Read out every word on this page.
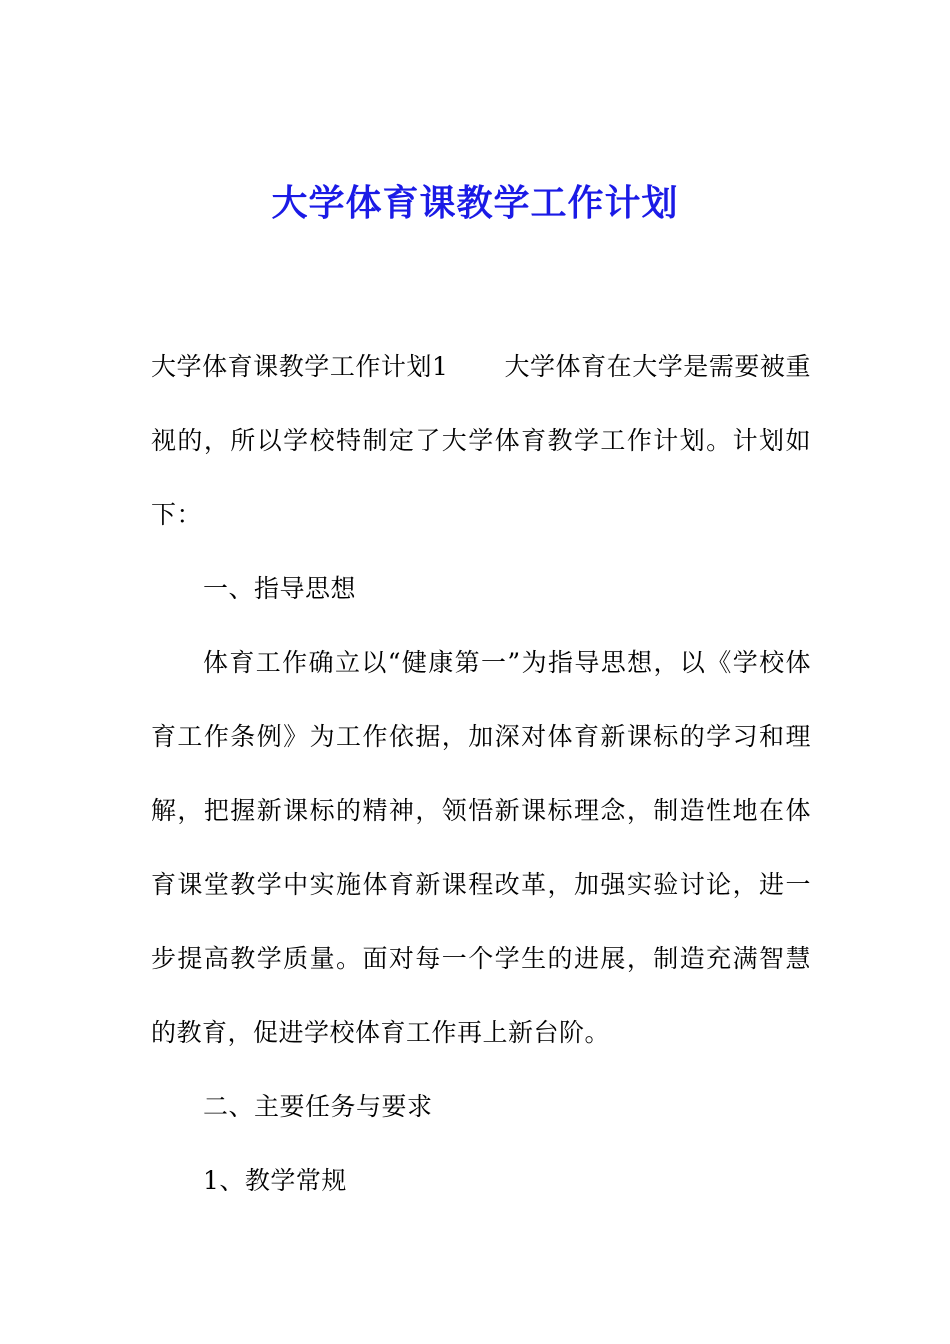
大学体育课教学工作计划

大学体育课教学工作计划1 大学体育在大学是需要被重视的，所以学校特制定了大学体育教学工作计划。计划如下：

一、指导思想

体育工作确立以“健康第一”为指导思想，以《学校体育工作条例》为工作依据，加深对体育新课标的学习和理解，把握新课标的精神，领悟新课标理念，制造性地在体育课堂教学中实施体育新课程改革，加强实验讨论，进一步提高教学质量。面对每一个学生的进展，制造充满智慧的教育，促进学校体育工作再上新台阶。

二、主要任务与要求

1、教学常规
